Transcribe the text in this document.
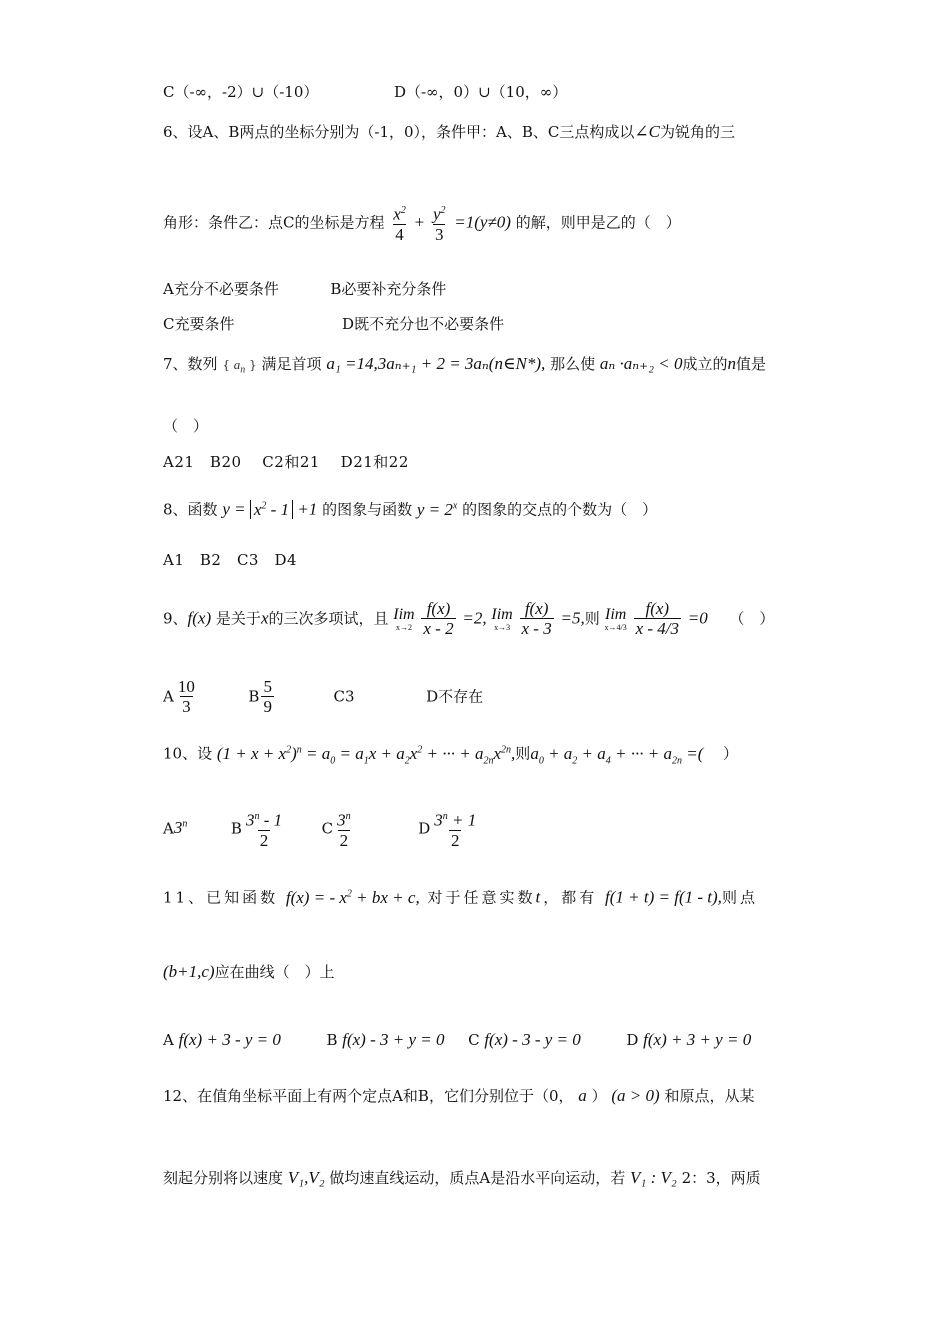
C（-∞，-2）∪（-10）	D（-∞，0）∪（10，∞）
6、设A、B两点的坐标分别为（-1，0），条件甲：A、B、C三点构成以∠C为锐角的三
角形：条件乙：点C的坐标是方程 $\frac{x^2}{4} + \frac{y^2}{3} =1(y\ne 0)$ 的解，则甲是乙的（　）
A充分不必要条件	B必要补充分条件
C充要条件	D既不充分也不必要条件
7、数列 { $a_n$ } 满足首项 a₁ =14,3aₙ₊₁ + 2 = 3aₙ(n∈N*), 那么使 aₙ ·aₙ₊₂ < 0成立的n值是
（　）
A21　B20　 C2和21　 D21和22
8、函数 $y = x^2 - 1 +1$ 的图象与函数 $y = 2^x$ 的图象的交点的个数为（　）
A1　B2　C3　D4
9、f(x) 是关于x的三次多项试，且 Iim
x→2
$\frac{f(x)}{x - 2} =2$, Iim
x→3
$\frac{f(x)}{x - 3} =5$,则 Iim
x→4/3
$\frac{f(x)}{x - 4/3} =0$ （　）
A $\frac{10}{3}$	B $\frac{5}{9}$	C3	D不存在
10、设 $(1 + x + x^2)^n = a_0 = a_1x + a_2x^2$ + ··· + $a_{2n}x^{2n}$,则$a_0 + a_2 + a_4$ + ··· + $a_{2n}$ =( ）
A3$^n$	B $\frac{3^n - 1}{2}$	C $\frac{3^n}{2}$	D $\frac{3^n + 1}{2}$
11、已知函数 f(x) = - $x^2$ + bx + c, 对于任意实数t，都有 f(1 + t) = f(1 - t),则点
(b+1,c)应在曲线（　）上
A f(x) + 3 - y = 0	B f(x) - 3 + y = 0 C f(x) - 3 - y = 0	D f(x) + 3 + y = 0
12、在值角坐标平面上有两个定点A和B，它们分别位于（0， a ） (a > 0) 和原点，从某
刻起分别将以速度 V₁,V₂ 做均速直线运动，质点A是沿水平向运动，若 V₁ : V₂ 2：3，两质
